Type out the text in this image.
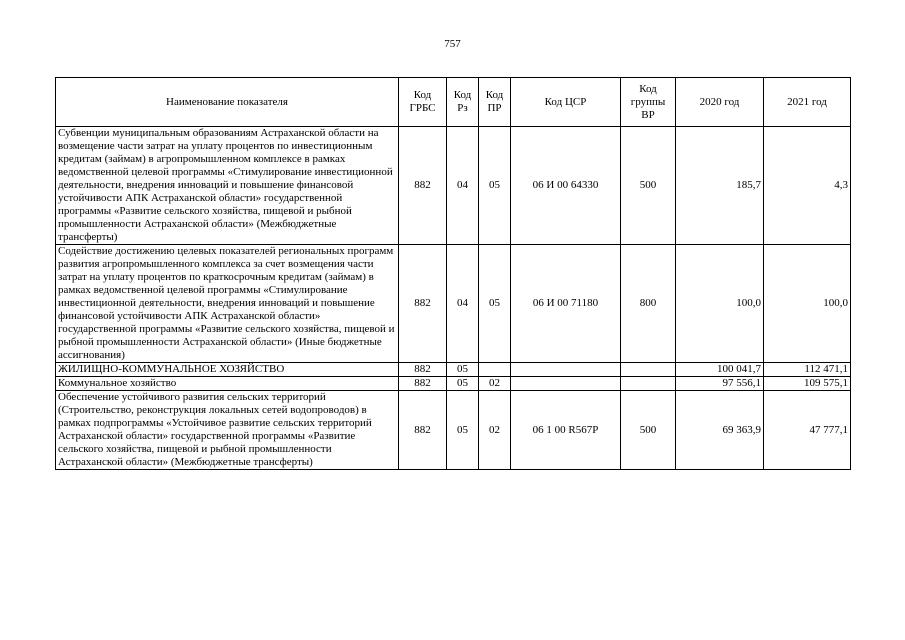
757
Наименование показателя	Код ГРБС	Код Рз	Код ПР	Код ЦСР	Код группы ВР	2020 год	2021 год
Субвенции муниципальным образованиям Астраханской области на возмещение части затрат на уплату процентов по инвестиционным кредитам (займам) в агропромышленном комплексе в рамках ведомственной целевой программы «Стимулирование инвестиционной деятельности, внедрения инноваций и повышение финансовой устойчивости АПК Астраханской области» государственной программы «Развитие сельского хозяйства, пищевой и рыбной промышленности Астраханской области» (Межбюджетные трансферты)	882	04	05	06 И 00 64330	500	185,7	4,3
Содействие достижению целевых показателей региональных программ развития агропромышленного комплекса за счет возмещения части затрат на уплату процентов по краткосрочным кредитам (займам) в рамках ведомственной целевой программы «Стимулирование инвестиционной деятельности, внедрения инноваций и повышение финансовой устойчивости АПК Астраханской области» государственной программы «Развитие сельского хозяйства, пищевой и рыбной промышленности Астраханской области» (Иные бюджетные ассигнования)	882	04	05	06 И 00 71180	800	100,0	100,0
ЖИЛИЩНО-КОММУНАЛЬНОЕ ХОЗЯЙСТВО	882	05				100 041,7	112 471,1
Коммунальное хозяйство	882	05	02			97 556,1	109 575,1
Обеспечение устойчивого развития сельских территорий (Строительство, реконструкция локальных сетей водопроводов) в рамках подпрограммы «Устойчивое развитие сельских территорий Астраханской области» государственной программы «Развитие сельского хозяйства, пищевой и рыбной промышленности Астраханской области» (Межбюджетные трансферты)	882	05	02	06 1 00 R567P	500	69 363,9	47 777,1
